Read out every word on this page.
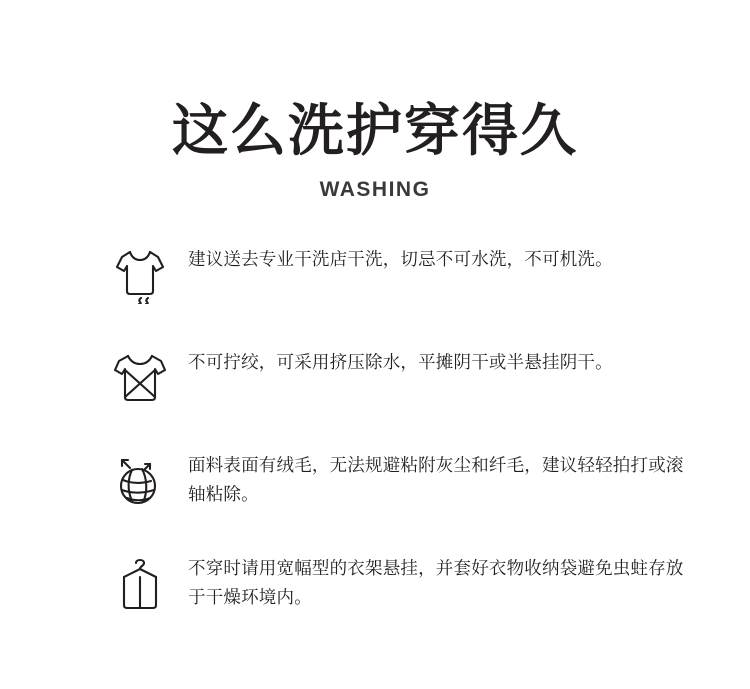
这么洗护穿得久
WASHING
建议送去专业干洗店干洗，切忌不可水洗，不可机洗。
不可拧绞，可采用挤压除水，平摊阴干或半悬挂阴干。
面料表面有绒毛，无法规避粘附灰尘和纤毛，建议轻轻拍打或滚轴粘除。
不穿时请用宽幅型的衣架悬挂，并套好衣物收纳袋避免虫蛀存放于干燥环境内。
